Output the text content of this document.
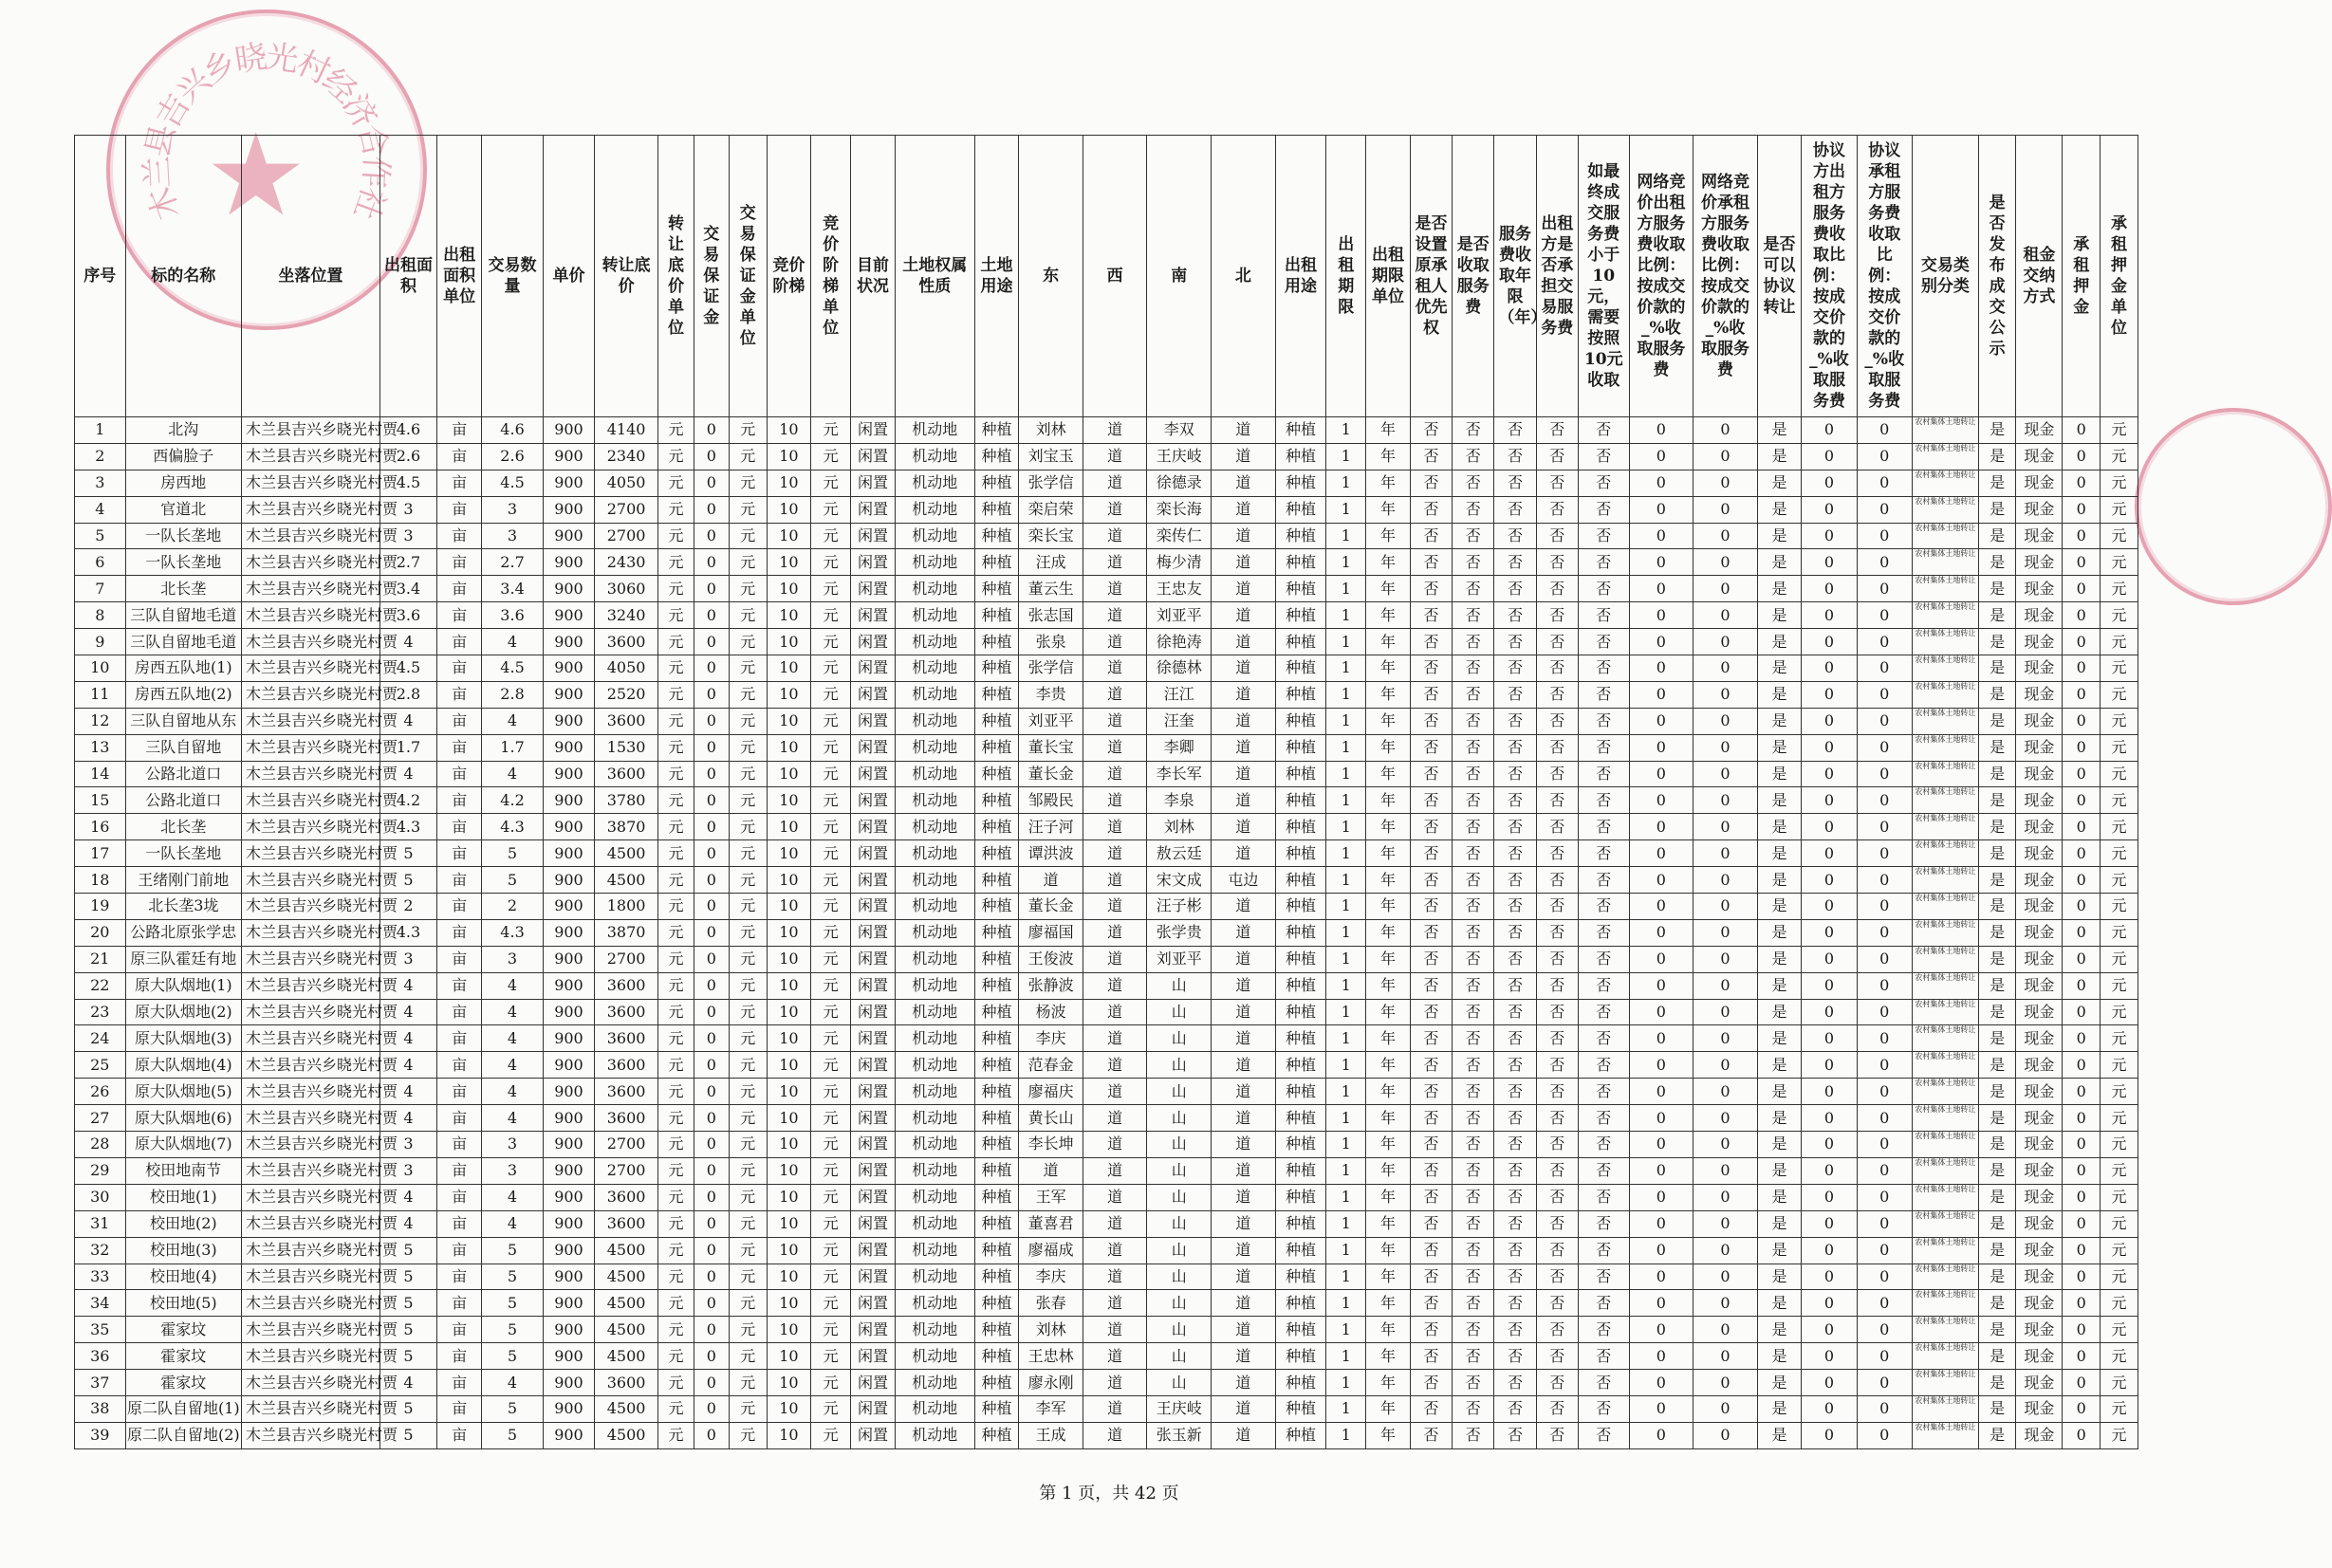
木
兰
县
吉
兴
乡
晓
光
村
经
济
合
作
社
★
序号	标的名称	坐落位置	出租面积	出租面积单位	交易数量	单价	转让底价	转让底价单位	交易保证金	交易保证金单位	竞价阶梯	竞价阶梯单位	目前状况	土地权属性质	土地用途	东	西	南	北	出租用途	出租期限	出租期限单位	是否设置原承租人优先权	是否收取服务费	服务费收取年限（年）	出租方是否承担交易服务费	如最终成交服务费小于10元，需要按照10元收取	网络竞价出租方服务费收取比例：按成交价款的_%收取服务费	网络竞价承租方服务费收取比例：按成交价款的_%收取服务费	是否可以协议转让	协议方出租方服务费收取比例：按成交价款的_%收取服务费	协议承租方服务费收取比例：按成交价款的_%收取服务费	交易类别分类	是否发布成交公示	租金交纳方式	承租押金	承租押金单位
1	北沟	木兰县吉兴乡晓光村贾	4.6	亩	4.6	900	4140	元	0	元	10	元	闲置	机动地	种植	刘林	道	李双	道	种植	1	年	否	否	否	否	否	0	0	是	0	0	农村集体土地转让	是	现金	0	元
2	西偏脸子	木兰县吉兴乡晓光村贾	2.6	亩	2.6	900	2340	元	0	元	10	元	闲置	机动地	种植	刘宝玉	道	王庆岐	道	种植	1	年	否	否	否	否	否	0	0	是	0	0	农村集体土地转让	是	现金	0	元
3	房西地	木兰县吉兴乡晓光村贾	4.5	亩	4.5	900	4050	元	0	元	10	元	闲置	机动地	种植	张学信	道	徐德录	道	种植	1	年	否	否	否	否	否	0	0	是	0	0	农村集体土地转让	是	现金	0	元
4	官道北	木兰县吉兴乡晓光村贾	3	亩	3	900	2700	元	0	元	10	元	闲置	机动地	种植	栾启荣	道	栾长海	道	种植	1	年	否	否	否	否	否	0	0	是	0	0	农村集体土地转让	是	现金	0	元
5	一队长垄地	木兰县吉兴乡晓光村贾	3	亩	3	900	2700	元	0	元	10	元	闲置	机动地	种植	栾长宝	道	栾传仁	道	种植	1	年	否	否	否	否	否	0	0	是	0	0	农村集体土地转让	是	现金	0	元
6	一队长垄地	木兰县吉兴乡晓光村贾	2.7	亩	2.7	900	2430	元	0	元	10	元	闲置	机动地	种植	汪成	道	梅少清	道	种植	1	年	否	否	否	否	否	0	0	是	0	0	农村集体土地转让	是	现金	0	元
7	北长垄	木兰县吉兴乡晓光村贾	3.4	亩	3.4	900	3060	元	0	元	10	元	闲置	机动地	种植	董云生	道	王忠友	道	种植	1	年	否	否	否	否	否	0	0	是	0	0	农村集体土地转让	是	现金	0	元
8	三队自留地毛道	木兰县吉兴乡晓光村贾	3.6	亩	3.6	900	3240	元	0	元	10	元	闲置	机动地	种植	张志国	道	刘亚平	道	种植	1	年	否	否	否	否	否	0	0	是	0	0	农村集体土地转让	是	现金	0	元
9	三队自留地毛道	木兰县吉兴乡晓光村贾	4	亩	4	900	3600	元	0	元	10	元	闲置	机动地	种植	张泉	道	徐艳涛	道	种植	1	年	否	否	否	否	否	0	0	是	0	0	农村集体土地转让	是	现金	0	元
10	房西五队地(1)	木兰县吉兴乡晓光村贾	4.5	亩	4.5	900	4050	元	0	元	10	元	闲置	机动地	种植	张学信	道	徐德林	道	种植	1	年	否	否	否	否	否	0	0	是	0	0	农村集体土地转让	是	现金	0	元
11	房西五队地(2)	木兰县吉兴乡晓光村贾	2.8	亩	2.8	900	2520	元	0	元	10	元	闲置	机动地	种植	李贵	道	汪江	道	种植	1	年	否	否	否	否	否	0	0	是	0	0	农村集体土地转让	是	现金	0	元
12	三队自留地从东	木兰县吉兴乡晓光村贾	4	亩	4	900	3600	元	0	元	10	元	闲置	机动地	种植	刘亚平	道	汪奎	道	种植	1	年	否	否	否	否	否	0	0	是	0	0	农村集体土地转让	是	现金	0	元
13	三队自留地	木兰县吉兴乡晓光村贾	1.7	亩	1.7	900	1530	元	0	元	10	元	闲置	机动地	种植	董长宝	道	李卿	道	种植	1	年	否	否	否	否	否	0	0	是	0	0	农村集体土地转让	是	现金	0	元
14	公路北道口	木兰县吉兴乡晓光村贾	4	亩	4	900	3600	元	0	元	10	元	闲置	机动地	种植	董长金	道	李长军	道	种植	1	年	否	否	否	否	否	0	0	是	0	0	农村集体土地转让	是	现金	0	元
15	公路北道口	木兰县吉兴乡晓光村贾	4.2	亩	4.2	900	3780	元	0	元	10	元	闲置	机动地	种植	邹殿民	道	李泉	道	种植	1	年	否	否	否	否	否	0	0	是	0	0	农村集体土地转让	是	现金	0	元
16	北长垄	木兰县吉兴乡晓光村贾	4.3	亩	4.3	900	3870	元	0	元	10	元	闲置	机动地	种植	汪子河	道	刘林	道	种植	1	年	否	否	否	否	否	0	0	是	0	0	农村集体土地转让	是	现金	0	元
17	一队长垄地	木兰县吉兴乡晓光村贾	5	亩	5	900	4500	元	0	元	10	元	闲置	机动地	种植	谭洪波	道	敖云廷	道	种植	1	年	否	否	否	否	否	0	0	是	0	0	农村集体土地转让	是	现金	0	元
18	王绪刚门前地	木兰县吉兴乡晓光村贾	5	亩	5	900	4500	元	0	元	10	元	闲置	机动地	种植	道	道	宋文成	屯边	种植	1	年	否	否	否	否	否	0	0	是	0	0	农村集体土地转让	是	现金	0	元
19	北长垄3垅	木兰县吉兴乡晓光村贾	2	亩	2	900	1800	元	0	元	10	元	闲置	机动地	种植	董长金	道	汪子彬	道	种植	1	年	否	否	否	否	否	0	0	是	0	0	农村集体土地转让	是	现金	0	元
20	公路北原张学忠	木兰县吉兴乡晓光村贾	4.3	亩	4.3	900	3870	元	0	元	10	元	闲置	机动地	种植	廖福国	道	张学贵	道	种植	1	年	否	否	否	否	否	0	0	是	0	0	农村集体土地转让	是	现金	0	元
21	原三队霍廷有地	木兰县吉兴乡晓光村贾	3	亩	3	900	2700	元	0	元	10	元	闲置	机动地	种植	王俊波	道	刘亚平	道	种植	1	年	否	否	否	否	否	0	0	是	0	0	农村集体土地转让	是	现金	0	元
22	原大队烟地(1)	木兰县吉兴乡晓光村贾	4	亩	4	900	3600	元	0	元	10	元	闲置	机动地	种植	张静波	道	山	道	种植	1	年	否	否	否	否	否	0	0	是	0	0	农村集体土地转让	是	现金	0	元
23	原大队烟地(2)	木兰县吉兴乡晓光村贾	4	亩	4	900	3600	元	0	元	10	元	闲置	机动地	种植	杨波	道	山	道	种植	1	年	否	否	否	否	否	0	0	是	0	0	农村集体土地转让	是	现金	0	元
24	原大队烟地(3)	木兰县吉兴乡晓光村贾	4	亩	4	900	3600	元	0	元	10	元	闲置	机动地	种植	李庆	道	山	道	种植	1	年	否	否	否	否	否	0	0	是	0	0	农村集体土地转让	是	现金	0	元
25	原大队烟地(4)	木兰县吉兴乡晓光村贾	4	亩	4	900	3600	元	0	元	10	元	闲置	机动地	种植	范春金	道	山	道	种植	1	年	否	否	否	否	否	0	0	是	0	0	农村集体土地转让	是	现金	0	元
26	原大队烟地(5)	木兰县吉兴乡晓光村贾	4	亩	4	900	3600	元	0	元	10	元	闲置	机动地	种植	廖福庆	道	山	道	种植	1	年	否	否	否	否	否	0	0	是	0	0	农村集体土地转让	是	现金	0	元
27	原大队烟地(6)	木兰县吉兴乡晓光村贾	4	亩	4	900	3600	元	0	元	10	元	闲置	机动地	种植	黄长山	道	山	道	种植	1	年	否	否	否	否	否	0	0	是	0	0	农村集体土地转让	是	现金	0	元
28	原大队烟地(7)	木兰县吉兴乡晓光村贾	3	亩	3	900	2700	元	0	元	10	元	闲置	机动地	种植	李长坤	道	山	道	种植	1	年	否	否	否	否	否	0	0	是	0	0	农村集体土地转让	是	现金	0	元
29	校田地南节	木兰县吉兴乡晓光村贾	3	亩	3	900	2700	元	0	元	10	元	闲置	机动地	种植	道	道	山	道	种植	1	年	否	否	否	否	否	0	0	是	0	0	农村集体土地转让	是	现金	0	元
30	校田地(1)	木兰县吉兴乡晓光村贾	4	亩	4	900	3600	元	0	元	10	元	闲置	机动地	种植	王军	道	山	道	种植	1	年	否	否	否	否	否	0	0	是	0	0	农村集体土地转让	是	现金	0	元
31	校田地(2)	木兰县吉兴乡晓光村贾	4	亩	4	900	3600	元	0	元	10	元	闲置	机动地	种植	董喜君	道	山	道	种植	1	年	否	否	否	否	否	0	0	是	0	0	农村集体土地转让	是	现金	0	元
32	校田地(3)	木兰县吉兴乡晓光村贾	5	亩	5	900	4500	元	0	元	10	元	闲置	机动地	种植	廖福成	道	山	道	种植	1	年	否	否	否	否	否	0	0	是	0	0	农村集体土地转让	是	现金	0	元
33	校田地(4)	木兰县吉兴乡晓光村贾	5	亩	5	900	4500	元	0	元	10	元	闲置	机动地	种植	李庆	道	山	道	种植	1	年	否	否	否	否	否	0	0	是	0	0	农村集体土地转让	是	现金	0	元
34	校田地(5)	木兰县吉兴乡晓光村贾	5	亩	5	900	4500	元	0	元	10	元	闲置	机动地	种植	张春	道	山	道	种植	1	年	否	否	否	否	否	0	0	是	0	0	农村集体土地转让	是	现金	0	元
35	霍家坟	木兰县吉兴乡晓光村贾	5	亩	5	900	4500	元	0	元	10	元	闲置	机动地	种植	刘林	道	山	道	种植	1	年	否	否	否	否	否	0	0	是	0	0	农村集体土地转让	是	现金	0	元
36	霍家坟	木兰县吉兴乡晓光村贾	5	亩	5	900	4500	元	0	元	10	元	闲置	机动地	种植	王忠林	道	山	道	种植	1	年	否	否	否	否	否	0	0	是	0	0	农村集体土地转让	是	现金	0	元
37	霍家坟	木兰县吉兴乡晓光村贾	4	亩	4	900	3600	元	0	元	10	元	闲置	机动地	种植	廖永刚	道	山	道	种植	1	年	否	否	否	否	否	0	0	是	0	0	农村集体土地转让	是	现金	0	元
38	原二队自留地(1)	木兰县吉兴乡晓光村贾	5	亩	5	900	4500	元	0	元	10	元	闲置	机动地	种植	李军	道	王庆岐	道	种植	1	年	否	否	否	否	否	0	0	是	0	0	农村集体土地转让	是	现金	0	元
39	原二队自留地(2)	木兰县吉兴乡晓光村贾	5	亩	5	900	4500	元	0	元	10	元	闲置	机动地	种植	王成	道	张玉新	道	种植	1	年	否	否	否	否	否	0	0	是	0	0	农村集体土地转让	是	现金	0	元
第 1 页，共 42 页
